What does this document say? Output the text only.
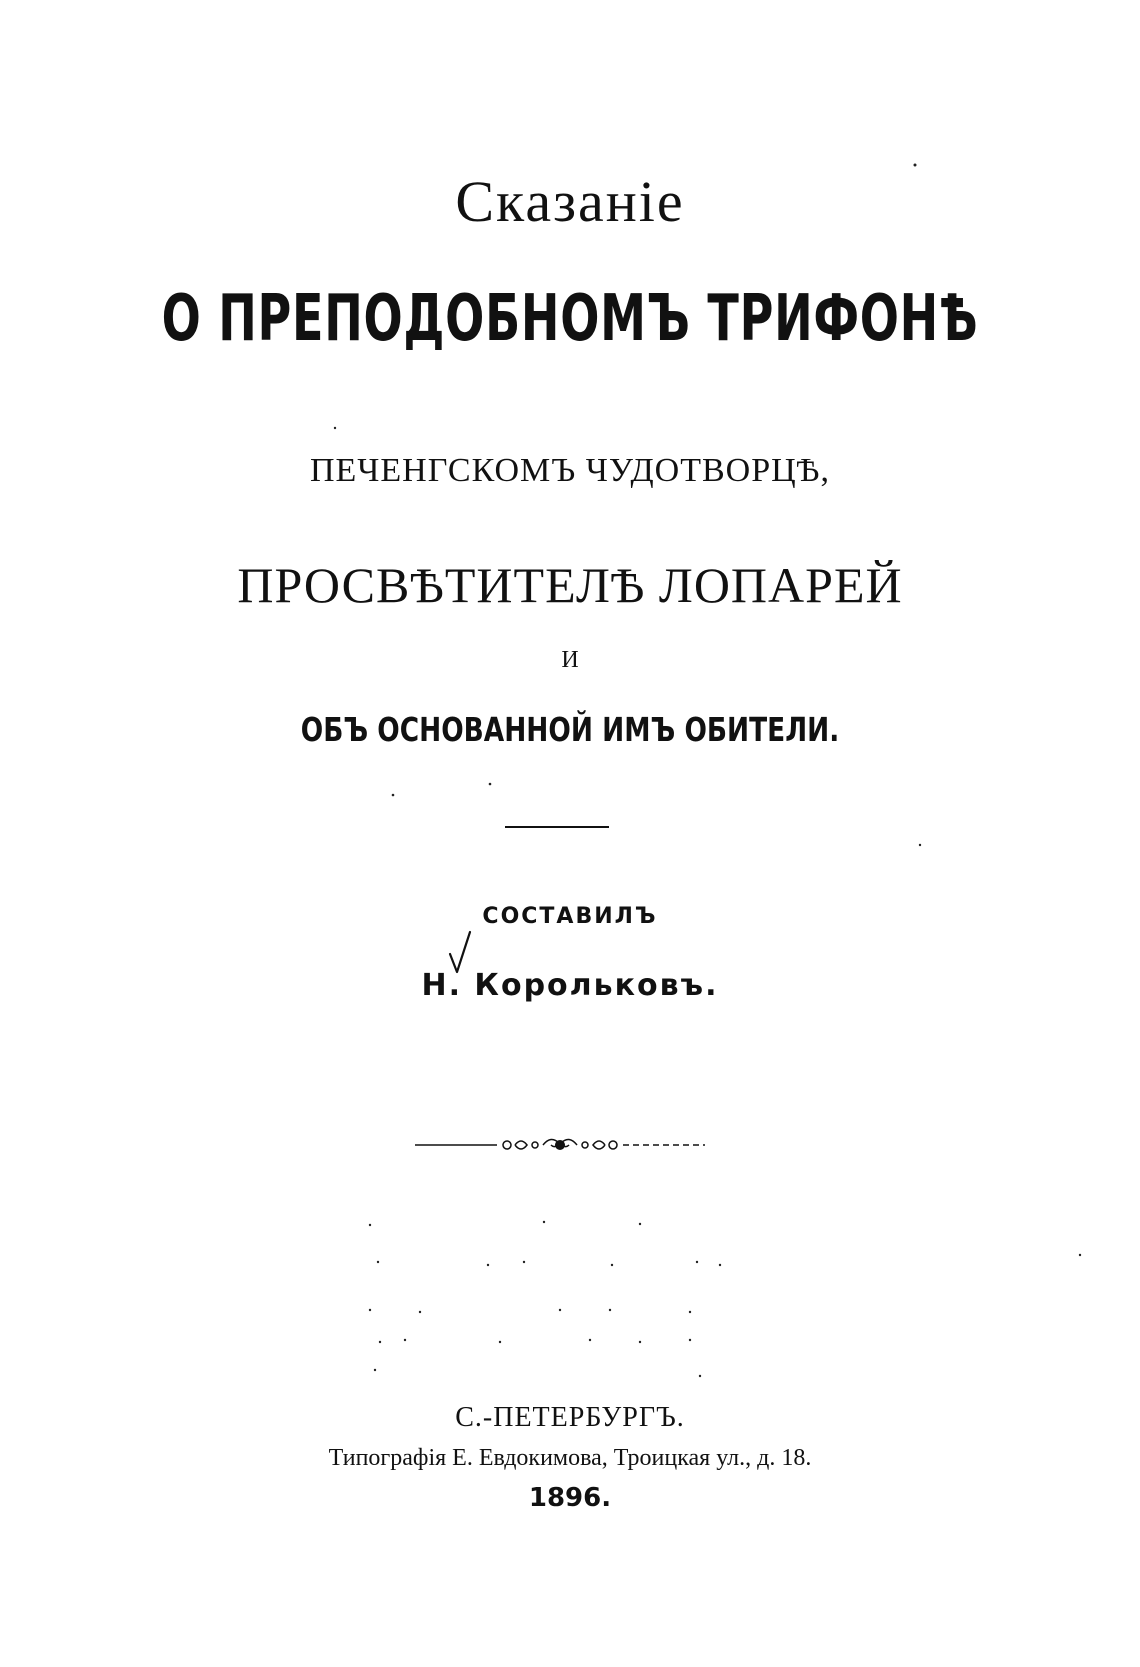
Сказаніе
О ПРЕПОДОБНОМЪ ТРИФОНѢ
ПЕЧЕНГСКОМЪ ЧУДОТВОРЦѢ,
ПРОСВѢТИТЕЛѢ ЛОПАРЕЙ
И
ОБЪ ОСНОВАННОЙ ИМЪ ОБИТЕЛИ.
СОСТАВИЛЪ
Н. Корольковъ.
С.-ПЕТЕРБУРГЪ.
Типографія Е. Евдокимова, Троицкая ул., д. 18.
1896.
